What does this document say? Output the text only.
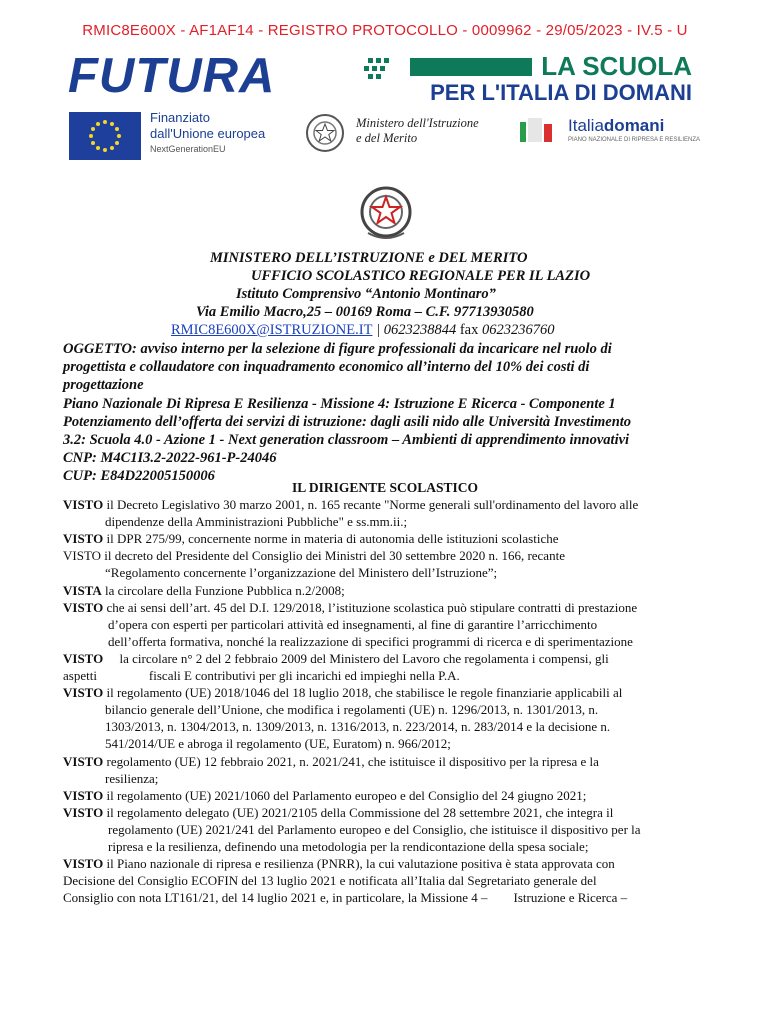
RMIC8E600X - AF1AF14 - REGISTRO PROTOCOLLO - 0009962 - 29/05/2023 - IV.5 - U
FUTURA	LA SCUOLA
PER L'ITALIA DI DOMANI
Finanziato
dall'Unione europea
NextGenerationEU
Ministero dell'Istruzione
e del Merito
Italiadomani
PIANO NAZIONALE DI RIPRESA E RESILIENZA
MINISTERO DELL’ISTRUZIONE e DEL MERITO
UFFICIO SCOLASTICO REGIONALE PER IL LAZIO
Istituto Comprensivo “Antonio Montinaro”
Via Emilio Macro,25 – 00169 Roma – C.F. 97713930580
RMIC8E600X@ISTRUZIONE.IT | 0623238844 fax 0623236760
OGGETTO: avviso interno per la selezione di figure professionali da incaricare nel ruolo di
progettista e collaudatore con inquadramento economico all’interno del 10% dei costi di
progettazione
Piano Nazionale Di Ripresa E Resilienza - Missione 4: Istruzione E Ricerca - Componente 1
Potenziamento dell’offerta dei servizi di istruzione: dagli asili nido alle Università Investimento
3.2: Scuola 4.0 - Azione 1 - Next generation classroom – Ambienti di apprendimento innovativi
CNP: M4C1I3.2-2022-961-P-24046
CUP: E84D22005150006
IL DIRIGENTE SCOLASTICO
VISTO il Decreto Legislativo 30 marzo 2001, n. 165 recante "Norme generali sull'ordinamento del lavoro alle
dipendenze della Amministrazioni Pubbliche" e ss.mm.ii.;
VISTO il DPR 275/99, concernente norme in materia di autonomia delle istituzioni scolastiche
VISTO il decreto del Presidente del Consiglio dei Ministri del 30 settembre 2020 n. 166, recante
“Regolamento concernente l’organizzazione del Ministero dell’Istruzione”;
VISTA la circolare della Funzione Pubblica n.2/2008;
VISTO che ai sensi dell’art. 45 del D.I. 129/2018, l’istituzione scolastica può stipulare contratti di prestazione
d’opera con esperti per particolari attività ed insegnamenti, al fine di garantire l’arricchimento
dell’offerta formativa, nonché la realizzazione di specifici programmi di ricerca e di sperimentazione
VISTO     la circolare n° 2 del 2 febbraio 2009 del Ministero del Lavoro che regolamenta i compensi, gli
aspetti                fiscali E contributivi per gli incarichi ed impieghi nella P.A.
VISTO il regolamento (UE) 2018/1046 del 18 luglio 2018, che stabilisce le regole finanziarie applicabili al
bilancio generale dell’Unione, che modifica i regolamenti (UE) n. 1296/2013, n. 1301/2013, n.
1303/2013, n. 1304/2013, n. 1309/2013, n. 1316/2013, n. 223/2014, n. 283/2014 e la decisione n.
541/2014/UE e abroga il regolamento (UE, Euratom) n. 966/2012;
VISTO regolamento (UE) 12 febbraio 2021, n. 2021/241, che istituisce il dispositivo per la ripresa e la
resilienza;
VISTO il regolamento (UE) 2021/1060 del Parlamento europeo e del Consiglio del 24 giugno 2021;
VISTO il regolamento delegato (UE) 2021/2105 della Commissione del 28 settembre 2021, che integra il
regolamento (UE) 2021/241 del Parlamento europeo e del Consiglio, che istituisce il dispositivo per la
ripresa e la resilienza, definendo una metodologia per la rendicontazione della spesa sociale;
VISTO il Piano nazionale di ripresa e resilienza (PNRR), la cui valutazione positiva è stata approvata con
Decisione del Consiglio ECOFIN del 13 luglio 2021 e notificata all’Italia dal Segretariato generale del
Consiglio con nota LT161/21, del 14 luglio 2021 e, in particolare, la Missione 4 –        Istruzione e Ricerca –
